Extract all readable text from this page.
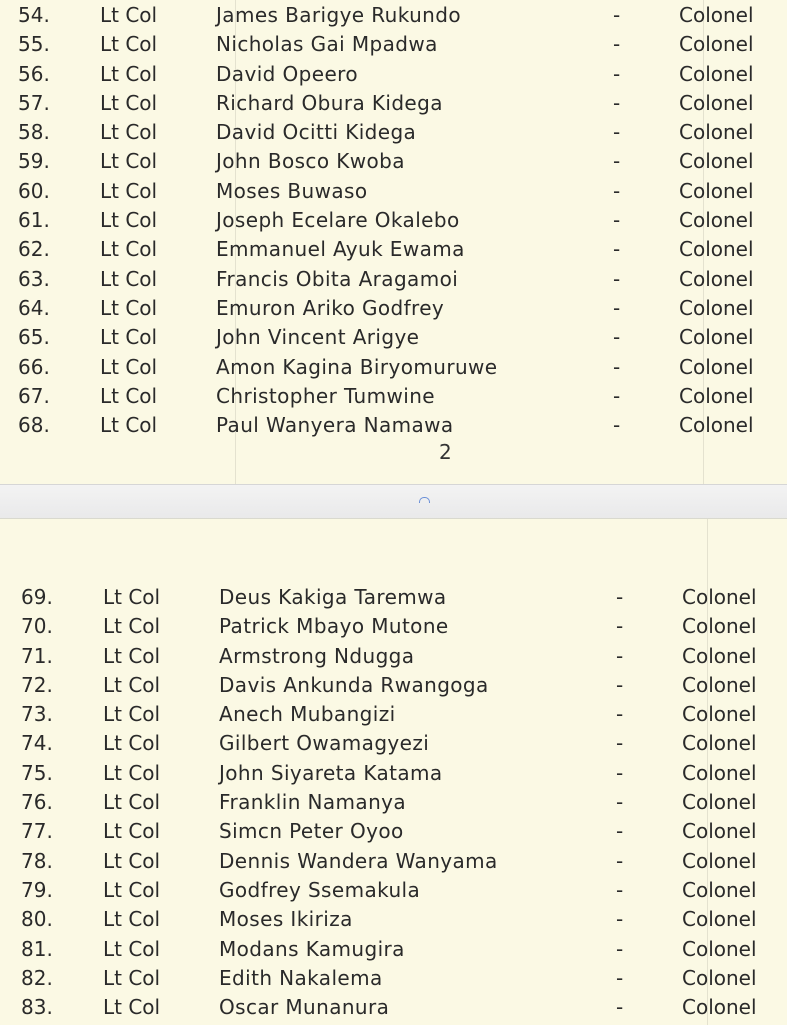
54.	Lt Col	James Barigye Rukundo	-	Colonel
55.	Lt Col	Nicholas Gai Mpadwa	-	Colonel
56.	Lt Col	David Opeero	-	Colonel
57.	Lt Col	Richard Obura Kidega	-	Colonel
58.	Lt Col	David Ocitti Kidega	-	Colonel
59.	Lt Col	John Bosco Kwoba	-	Colonel
60.	Lt Col	Moses Buwaso	-	Colonel
61.	Lt Col	Joseph Ecelare Okalebo	-	Colonel
62.	Lt Col	Emmanuel Ayuk Ewama	-	Colonel
63.	Lt Col	Francis Obita Aragamoi	-	Colonel
64.	Lt Col	Emuron Ariko Godfrey	-	Colonel
65.	Lt Col	John Vincent Arigye	-	Colonel
66.	Lt Col	Amon Kagina Biryomuruwe	-	Colonel
67.	Lt Col	Christopher Tumwine	-	Colonel
68.	Lt Col	Paul Wanyera Namawa	-	Colonel
2
69.	Lt Col	Deus Kakiga Taremwa	-	Colonel
70.	Lt Col	Patrick Mbayo Mutone	-	Colonel
71.	Lt Col	Armstrong Ndugga	-	Colonel
72.	Lt Col	Davis Ankunda Rwangoga	-	Colonel
73.	Lt Col	Anech Mubangizi	-	Colonel
74.	Lt Col	Gilbert Owamagyezi	-	Colonel
75.	Lt Col	John Siyareta Katama	-	Colonel
76.	Lt Col	Franklin Namanya	-	Colonel
77.	Lt Col	Simcn Peter Oyoo	-	Colonel
78.	Lt Col	Dennis Wandera Wanyama	-	Colonel
79.	Lt Col	Godfrey Ssemakula	-	Colonel
80.	Lt Col	Moses Ikiriza	-	Colonel
81.	Lt Col	Modans Kamugira	-	Colonel
82.	Lt Col	Edith Nakalema	-	Colonel
83.	Lt Col	Oscar Munanura	-	Colonel
